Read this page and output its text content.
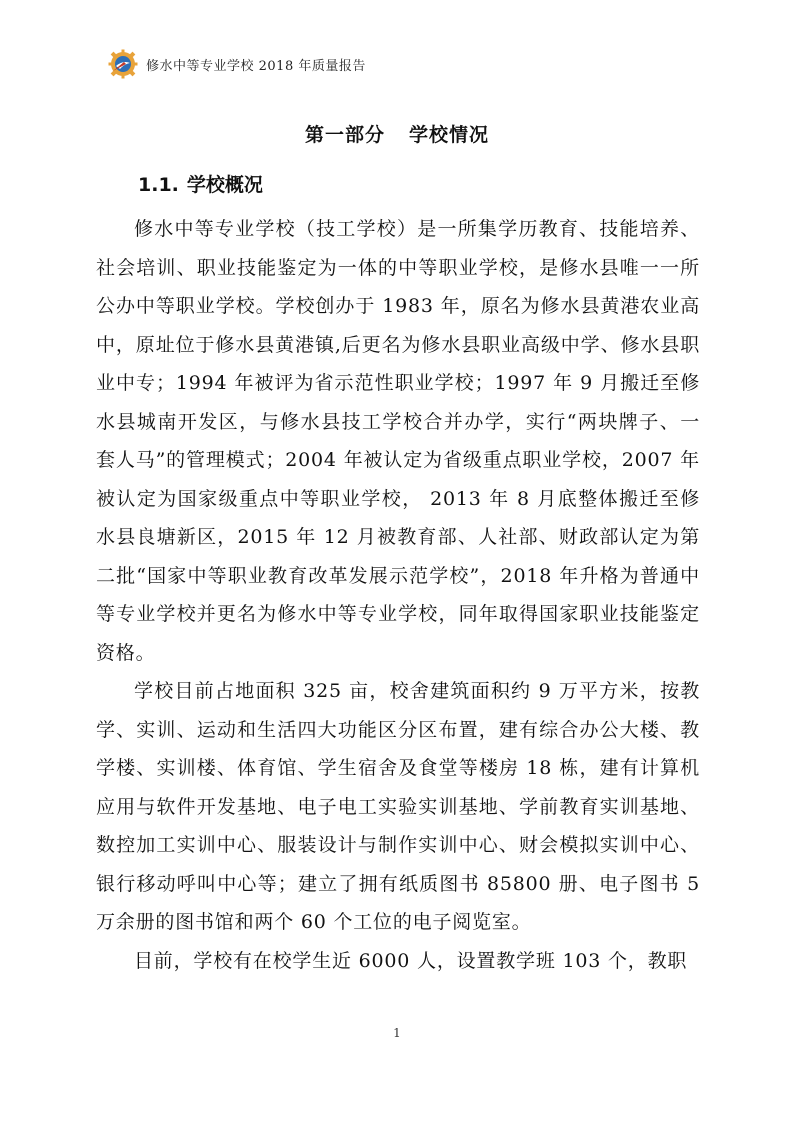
修水中等专业学校 2018 年质量报告
第一部分 学校情况
1.1. 学校概况

修水中等专业学校（技工学校）是一所集学历教育、技能培养、社会培训、职业技能鉴定为一体的中等职业学校，是修水县唯一一所公办中等职业学校。学校创办于 1983 年，原名为修水县黄港农业高中，原址位于修水县黄港镇,后更名为修水县职业高级中学、修水县职业中专；1994 年被评为省示范性职业学校；1997 年 9 月搬迁至修水县城南开发区，与修水县技工学校合并办学，实行“两块牌子、一套人马”的管理模式；2004 年被认定为省级重点职业学校，2007 年被认定为国家级重点中等职业学校， 2013 年 8 月底整体搬迁至修水县良塘新区，2015 年 12 月被教育部、人社部、财政部认定为第二批“国家中等职业教育改革发展示范学校”，2018 年升格为普通中等专业学校并更名为修水中等专业学校，同年取得国家职业技能鉴定资格。

学校目前占地面积 325 亩，校舍建筑面积约 9 万平方米，按教学、实训、运动和生活四大功能区分区布置，建有综合办公大楼、教学楼、实训楼、体育馆、学生宿舍及食堂等楼房 18 栋，建有计算机应用与软件开发基地、电子电工实验实训基地、学前教育实训基地、数控加工实训中心、服装设计与制作实训中心、财会模拟实训中心、银行移动呼叫中心等；建立了拥有纸质图书 85800 册、电子图书 5 万余册的图书馆和两个 60 个工位的电子阅览室。

目前，学校有在校学生近 6000 人，设置教学班 103 个，教职

1
